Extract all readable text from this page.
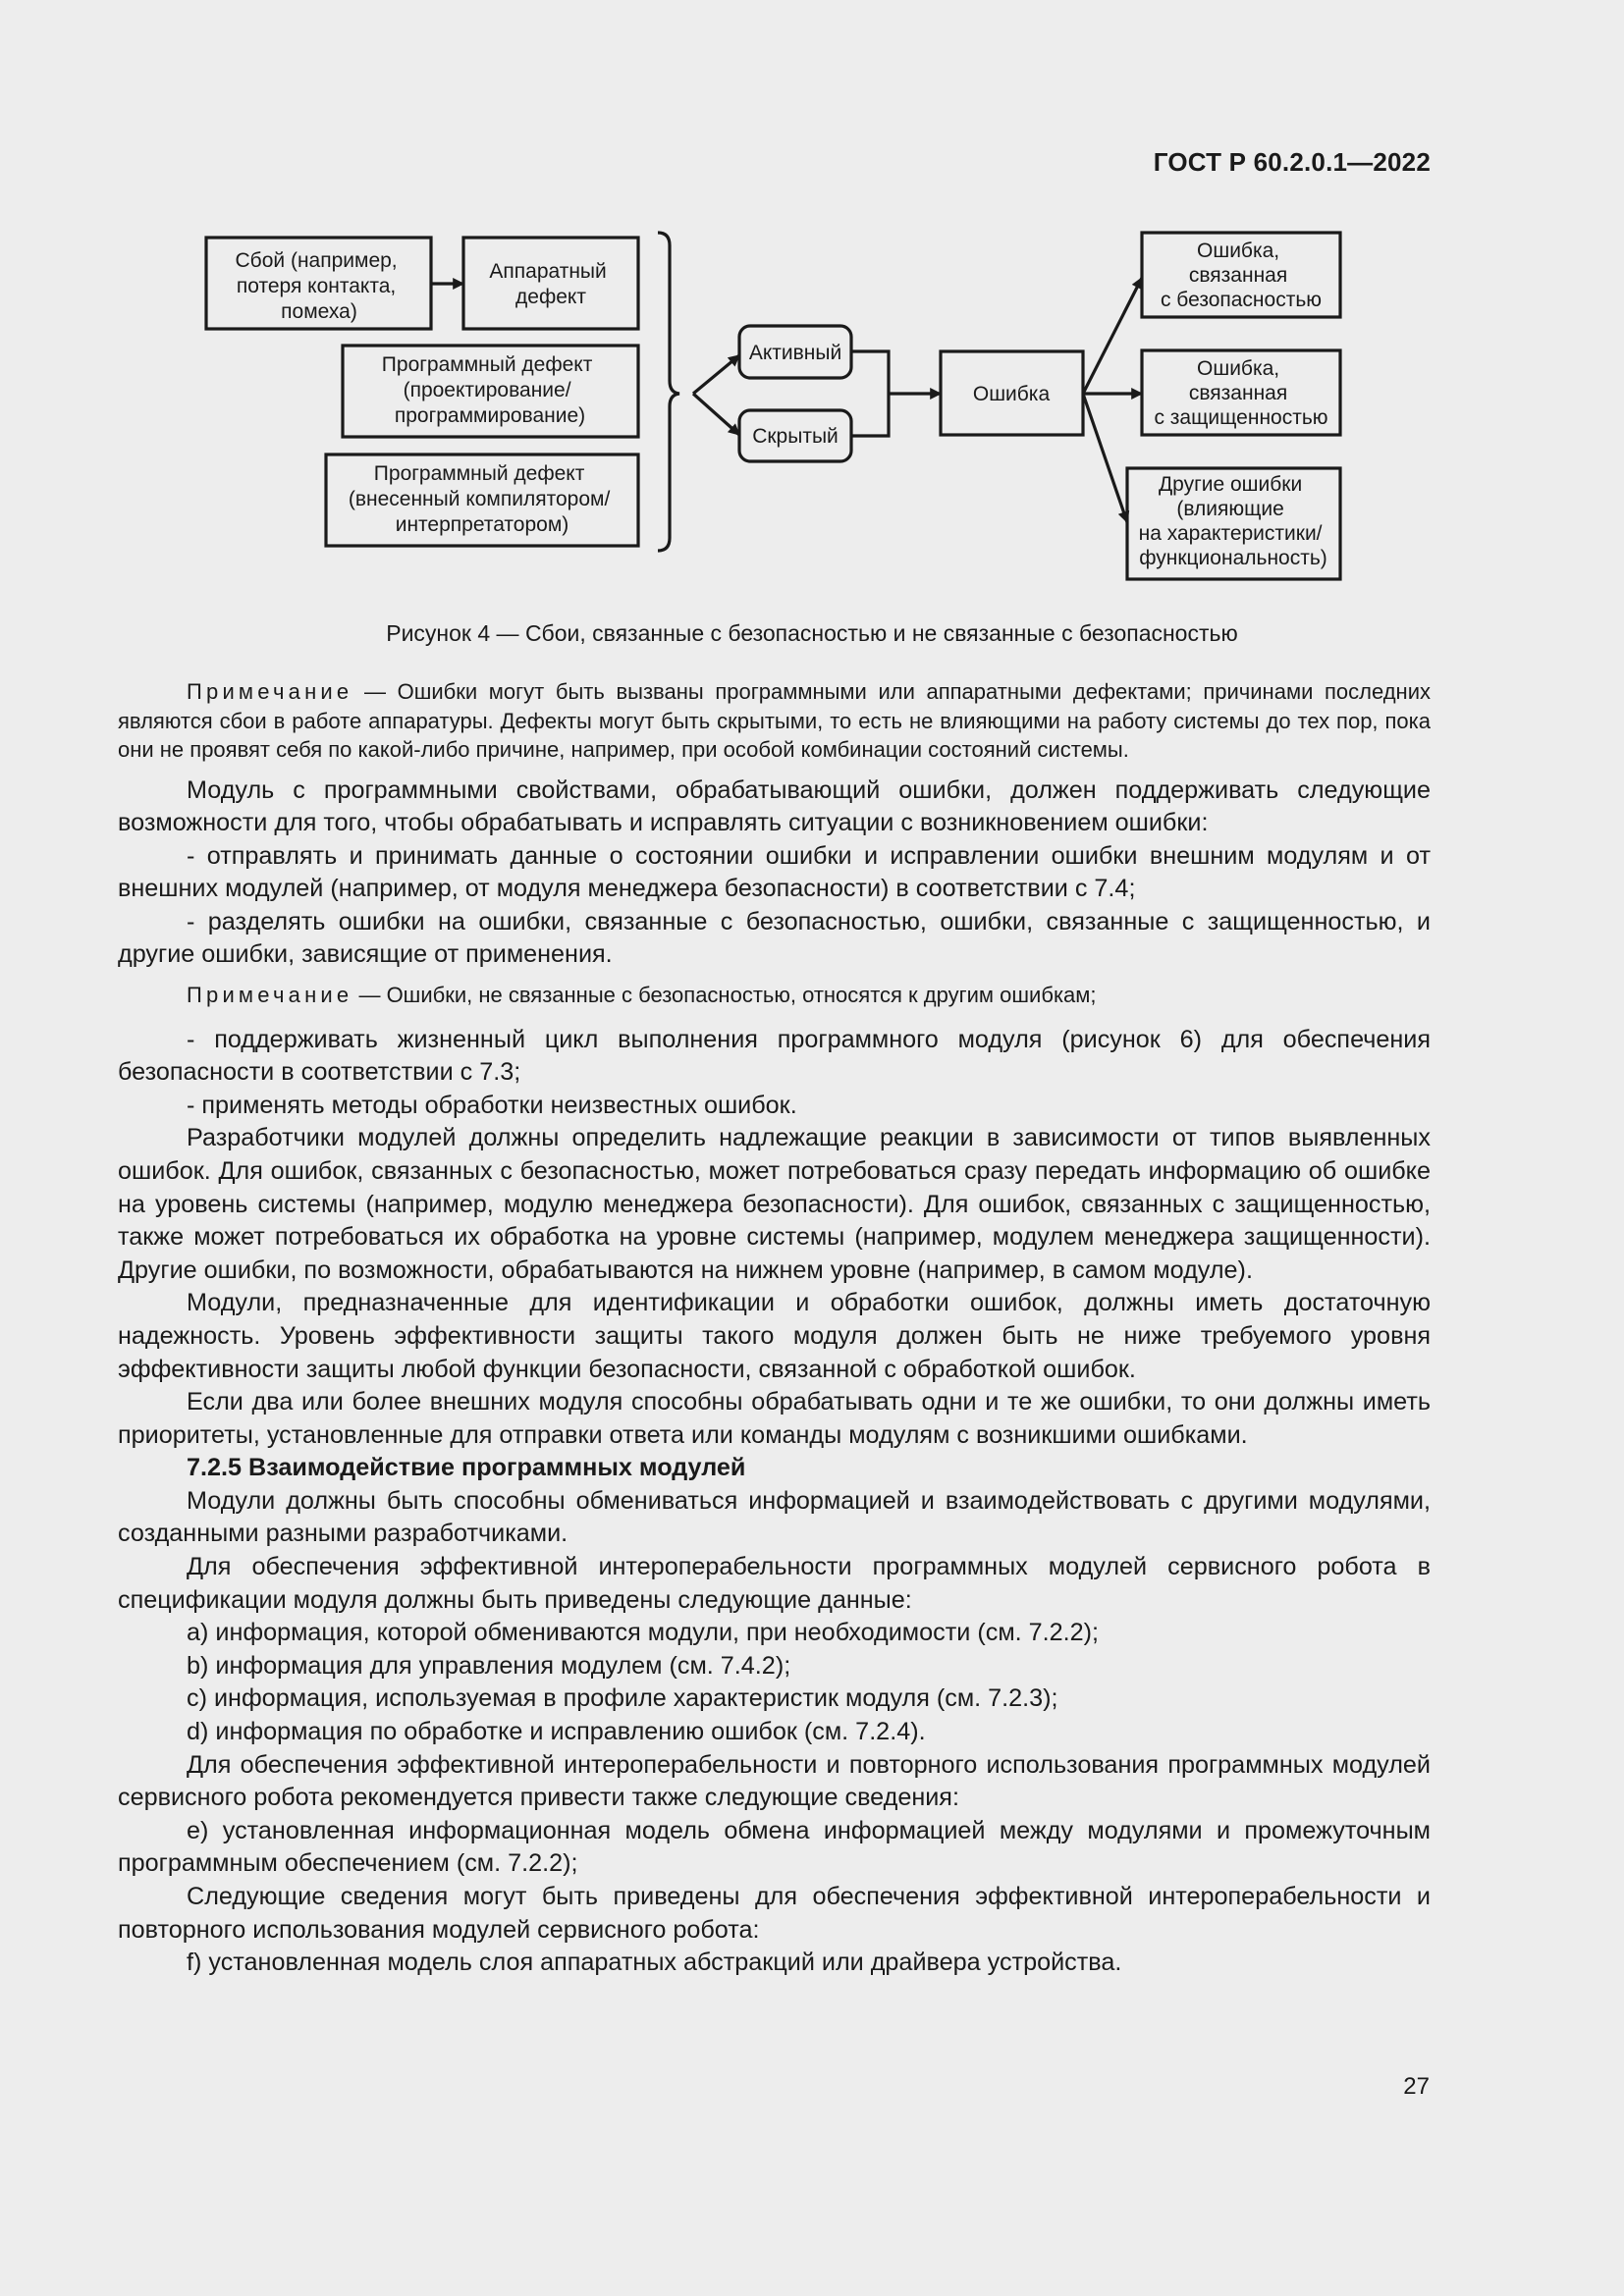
ГОСТ Р 60.2.0.1—2022
Сбой (например, потеря контакта, помеха)
Аппаратный дефект
Программный дефект (проектирование/ программирование)
Программный дефект (внесенный компилятором/ интерпретатором)
Активный
Скрытый
Ошибка
Ошибка, связанная с безопасностью
Ошибка, связанная с защищенностью
Другие ошибки (влияющие на характеристики/ функциональность)
Рисунок 4 — Сбои, связанные с безопасностью и не связанные с безопасностью

Примечание — Ошибки могут быть вызваны программными или аппаратными дефектами; причинами последних являются сбои в работе аппаратуры. Дефекты могут быть скрытыми, то есть не влияющими на работу системы до тех пор, пока они не проявят себя по какой-либо причине, например, при особой комбинации состояний системы.

Модуль с программными свойствами, обрабатывающий ошибки, должен поддерживать следующие возможности для того, чтобы обрабатывать и исправлять ситуации с возникновением ошибки:

- отправлять и принимать данные о состоянии ошибки и исправлении ошибки внешним модулям и от внешних модулей (например, от модуля менеджера безопасности) в соответствии с 7.4;

- разделять ошибки на ошибки, связанные с безопасностью, ошибки, связанные с защищенностью, и другие ошибки, зависящие от применения.

Примечание — Ошибки, не связанные с безопасностью, относятся к другим ошибкам;

- поддерживать жизненный цикл выполнения программного модуля (рисунок 6) для обеспечения безопасности в соответствии с 7.3;

- применять методы обработки неизвестных ошибок.

Разработчики модулей должны определить надлежащие реакции в зависимости от типов выявленных ошибок. Для ошибок, связанных с безопасностью, может потребоваться сразу передать информацию об ошибке на уровень системы (например, модулю менеджера безопасности). Для ошибок, связанных с защищенностью, также может потребоваться их обработка на уровне системы (например, модулем менеджера защищенности). Другие ошибки, по возможности, обрабатываются на нижнем уровне (например, в самом модуле).

Модули, предназначенные для идентификации и обработки ошибок, должны иметь достаточную надежность. Уровень эффективности защиты такого модуля должен быть не ниже требуемого уровня эффективности защиты любой функции безопасности, связанной с обработкой ошибок.

Если два или более внешних модуля способны обрабатывать одни и те же ошибки, то они должны иметь приоритеты, установленные для отправки ответа или команды модулям с возникшими ошибками.

7.2.5 Взаимодействие программных модулей

Модули должны быть способны обмениваться информацией и взаимодействовать с другими модулями, созданными разными разработчиками.

Для обеспечения эффективной интероперабельности программных модулей сервисного робота в спецификации модуля должны быть приведены следующие данные:

a) информация, которой обмениваются модули, при необходимости (см. 7.2.2);

b) информация для управления модулем (см. 7.4.2);

c) информация, используемая в профиле характеристик модуля (см. 7.2.3);

d) информация по обработке и исправлению ошибок (см. 7.2.4).

Для обеспечения эффективной интероперабельности и повторного использования программных модулей сервисного робота рекомендуется привести также следующие сведения:

e) установленная информационная модель обмена информацией между модулями и промежуточным программным обеспечением (см. 7.2.2);

Следующие сведения могут быть приведены для обеспечения эффективной интероперабельности и повторного использования модулей сервисного робота:

f) установленная модель слоя аппаратных абстракций или драйвера устройства.

27
